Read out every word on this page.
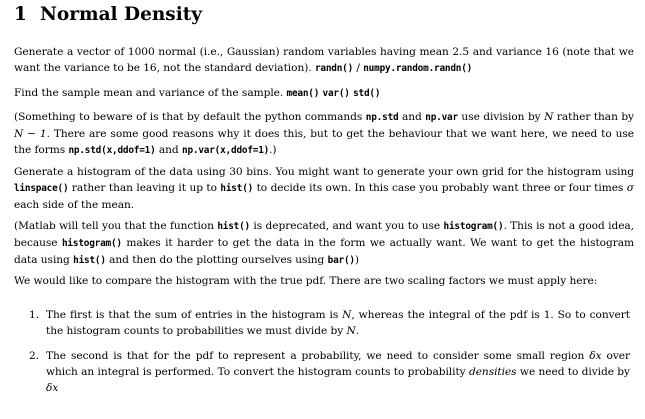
1 Normal Density

Generate a vector of 1000 normal (i.e., Gaussian) random variables having mean 2.5 and variance 16 (note that we want the variance to be 16, not the standard deviation). randn() / numpy.random.randn()

Find the sample mean and variance of the sample. mean() var() std()

(Something to beware of is that by default the python commands np.std and np.var use division by N rather than by N − 1. There are some good reasons why it does this, but to get the behaviour that we want here, we need to use the forms np.std(x,ddof=1) and np.var(x,ddof=1).)

Generate a histogram of the data using 30 bins. You might want to generate your own grid for the histogram using linspace() rather than leaving it up to hist() to decide its own. In this case you probably want three or four times σ each side of the mean.

(Matlab will tell you that the function hist() is deprecated, and want you to use histogram(). This is not a good idea, because histogram() makes it harder to get the data in the form we actually want. We want to get the histogram data using hist() and then do the plotting ourselves using bar())

We would like to compare the histogram with the true pdf. There are two scaling factors we must apply here:

1. The first is that the sum of entries in the histogram is N, whereas the integral of the pdf is 1. So to convert the histogram counts to probabilities we must divide by N.

2. The second is that for the pdf to represent a probability, we need to consider some small region δx over which an integral is performed. To convert the histogram counts to probability densities we need to divide by δx
